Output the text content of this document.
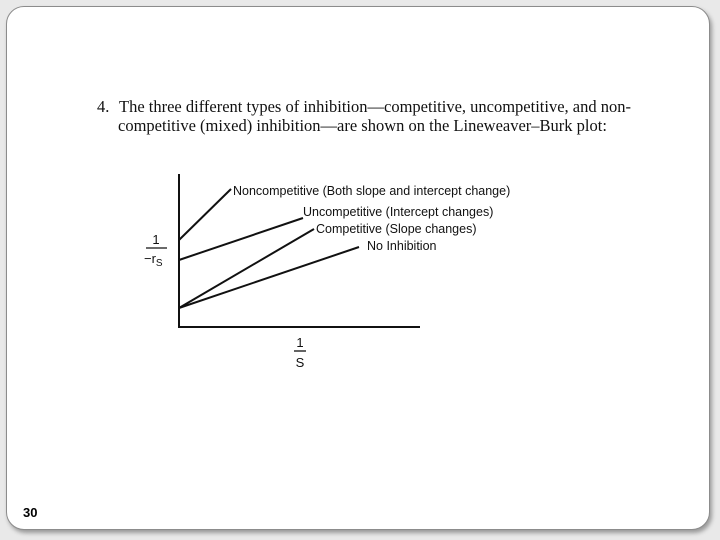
4. The three different types of inhibition—competitive, uncompetitive, and non-
competitive (mixed) inhibition—are shown on the Lineweaver–Burk plot:
1
$-r_S$
1
S
Noncompetitive (Both slope and intercept change)
Uncompetitive (Intercept changes)
Competitive (Slope changes)
No Inhibition
30
